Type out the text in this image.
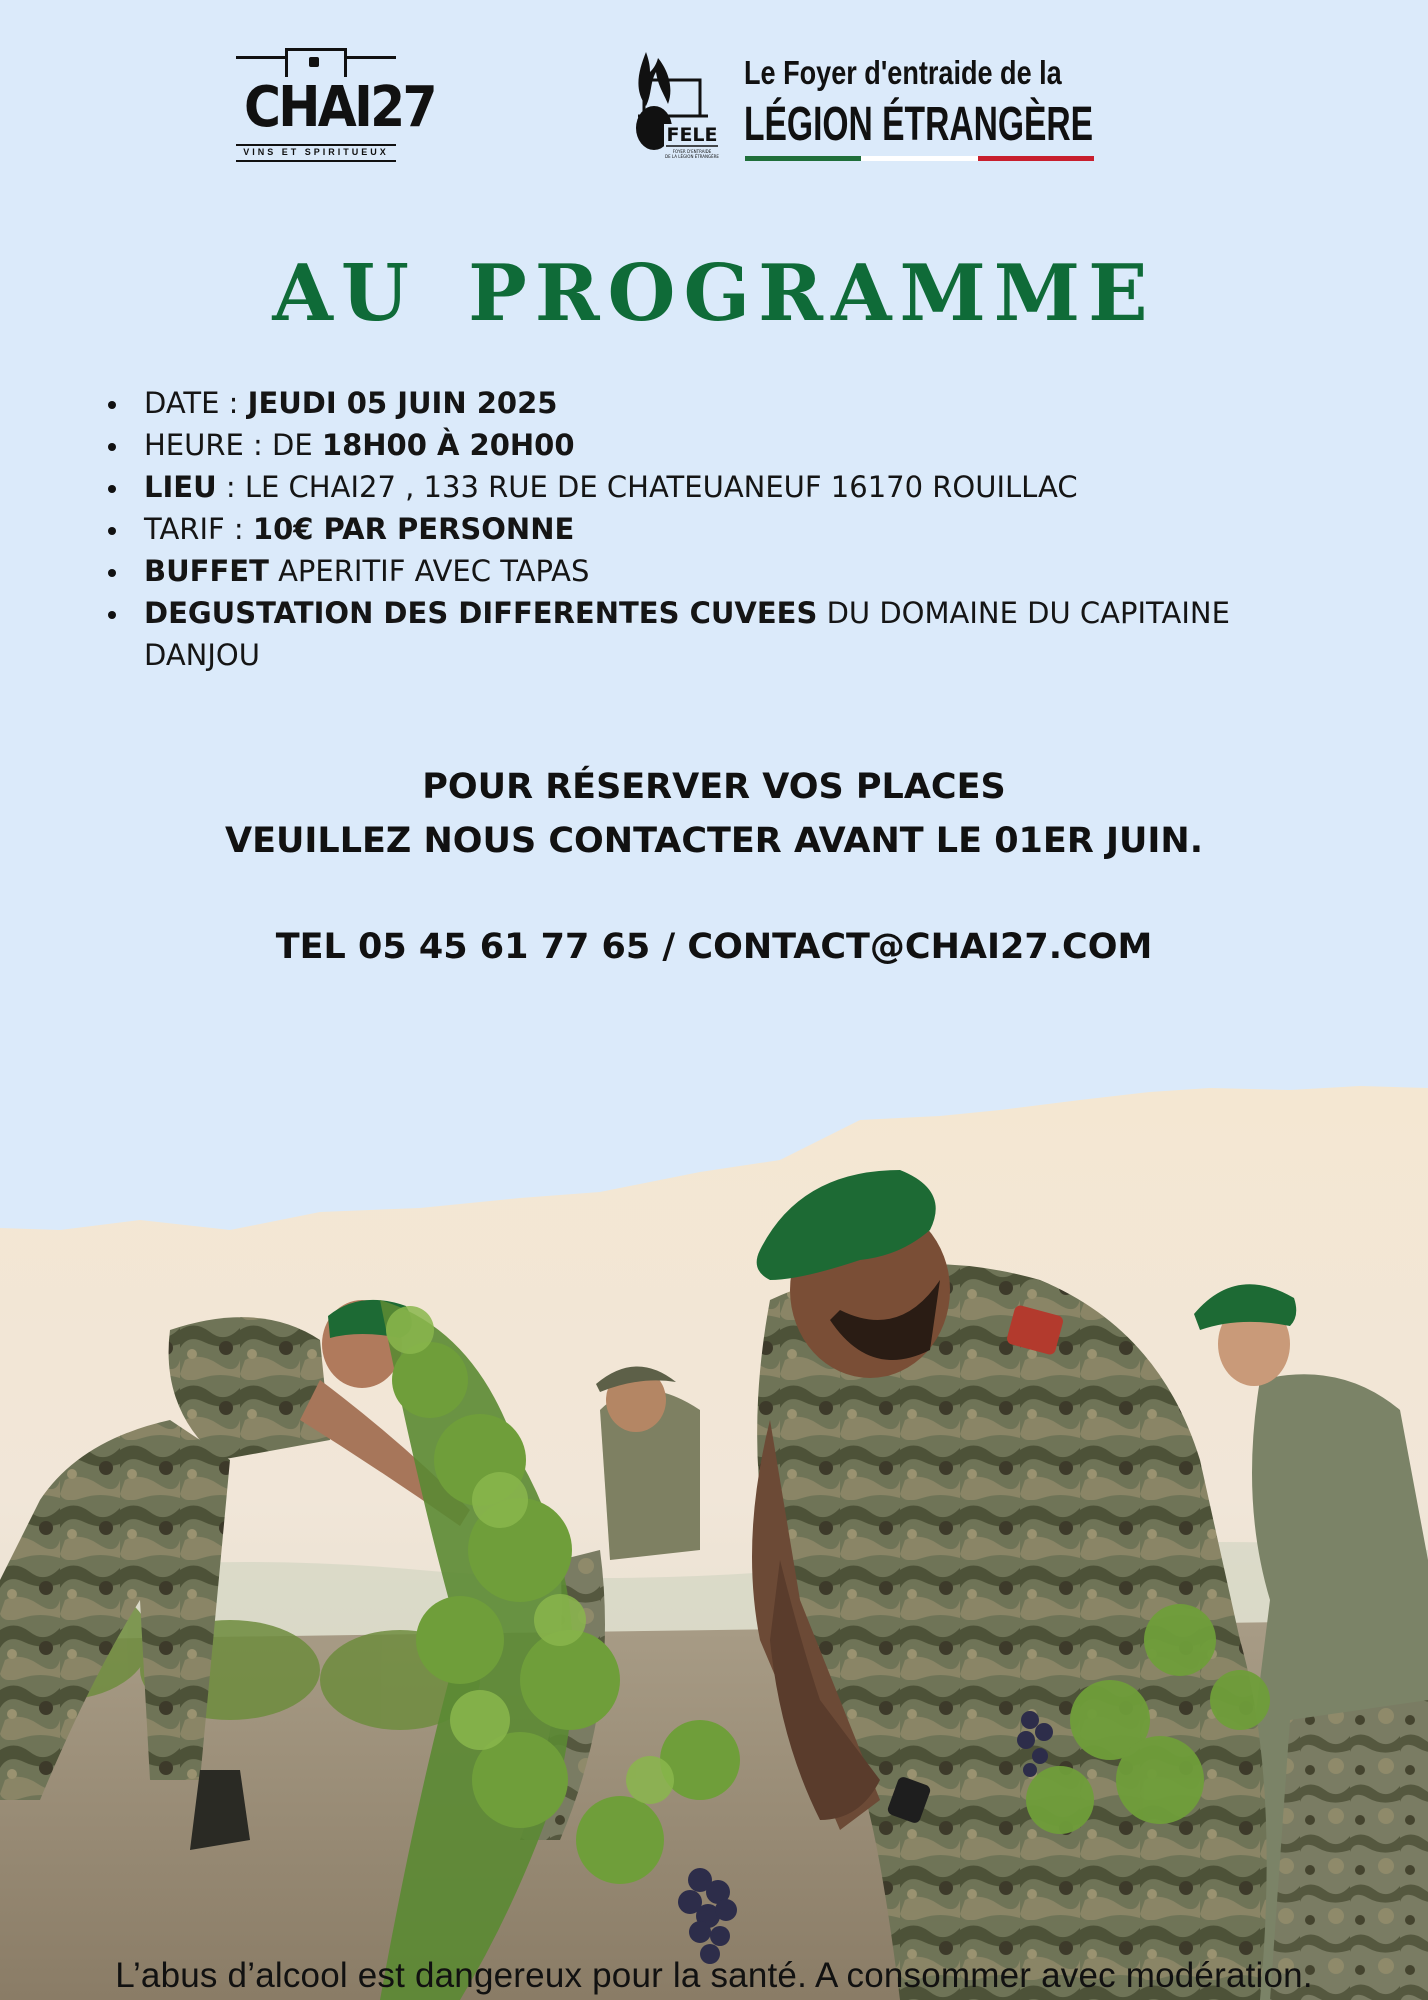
CHAI27
VINS ET SPIRITUEUX
FELE
FOYER D'ENTRAIDE
DE LA LÉGION ÉTRANGÈRE
Le Foyer d'entraide de la
LÉGION ÉTRANGÈRE
AU PROGRAMME
DATE : JEUDI 05 JUIN 2025
HEURE : DE 18H00 À 20H00
LIEU : LE CHAI27 , 133 RUE DE CHATEUANEUF 16170 ROUILLAC
TARIF : 10€ PAR PERSONNE
BUFFET APERITIF AVEC TAPAS
DEGUSTATION DES DIFFERENTES CUVEES DU DOMAINE DU CAPITAINE DANJOU
POUR RÉSERVER VOS PLACES
VEUILLEZ NOUS CONTACTER AVANT LE 01ER JUIN.
TEL 05 45 61 77 65 / CONTACT@CHAI27.COM
L’abus d’alcool est dangereux pour la santé. A consommer avec modération.
